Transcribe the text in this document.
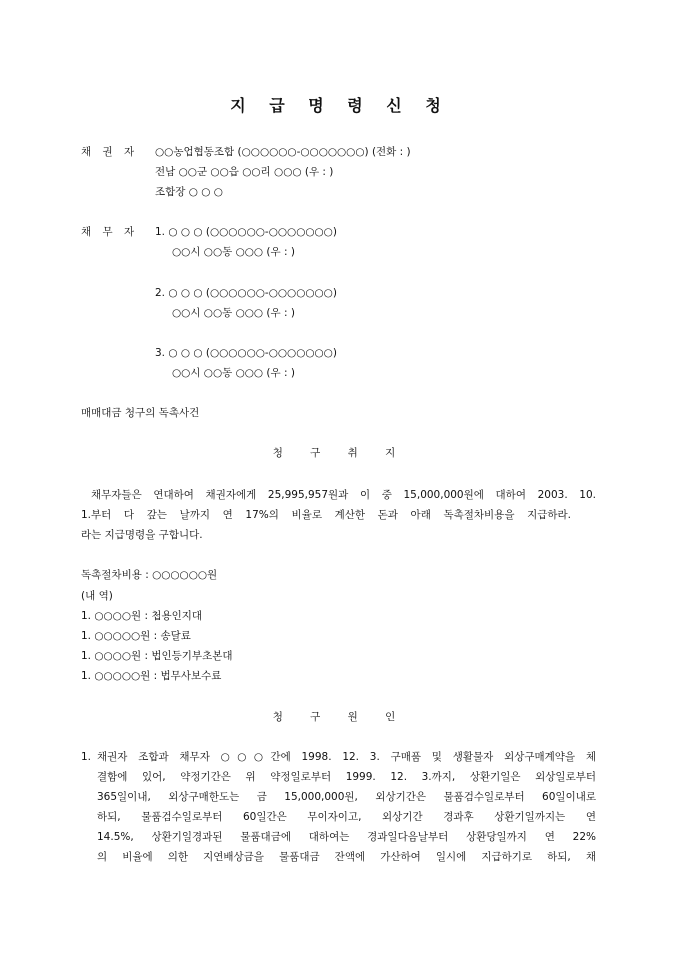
지 급 명 령 신 청
채 권 자 ○○농업협동조합 (○○○○○○-○○○○○○○) (전화 : )
전남 ○○군 ○○읍 ○○리 ○○○ (우 : )
조합장 ○ ○ ○
채 무 자 1. ○ ○ ○ (○○○○○○-○○○○○○○)
○○시 ○○동 ○○○ (우 : )
2. ○ ○ ○ (○○○○○○-○○○○○○○)
○○시 ○○동 ○○○ (우 : )
3. ○ ○ ○ (○○○○○○-○○○○○○○)
○○시 ○○동 ○○○ (우 : )
매매대금 청구의 독촉사건
청 구 취 지
채무자들은 연대하여 채권자에게 25,995,957원과 이 중 15,000,000원에 대하여 2003. 10.
1.부터 다 갚는 날까지 연 17%의 비율로 계산한 돈과 아래 독촉절차비용을 지급하라.
라는 지급명령을 구합니다.
독촉절차비용 : ○○○○○○원
(내 역)
1. ○○○○원 : 첩용인지대
1. ○○○○○원 : 송달료
1. ○○○○원 : 법인등기부초본대
1. ○○○○○원 : 법무사보수료
청 구 원 인
1. 채권자 조합과 채무자 ○○○간에 1998. 12. 3. 구매품 및 생활물자 외상구매계약을 체
결함에 있어, 약정기간은 위 약정일로부터 1999. 12. 3.까지, 상환기일은 외상일로부터
365일이내, 외상구매한도는 금 15,000,000원, 외상기간은 물품검수일로부터 60일이내로
하되, 물품검수일로부터 60일간은 무이자이고, 외상기간 경과후 상환기일까지는 연
14.5%, 상환기일경과된 물품대금에 대하여는 경과일다음날부터 상환당일까지 연 22%
의 비율에 의한 지연배상금을 물품대금 잔액에 가산하여 일시에 지급하기로 하되, 채
